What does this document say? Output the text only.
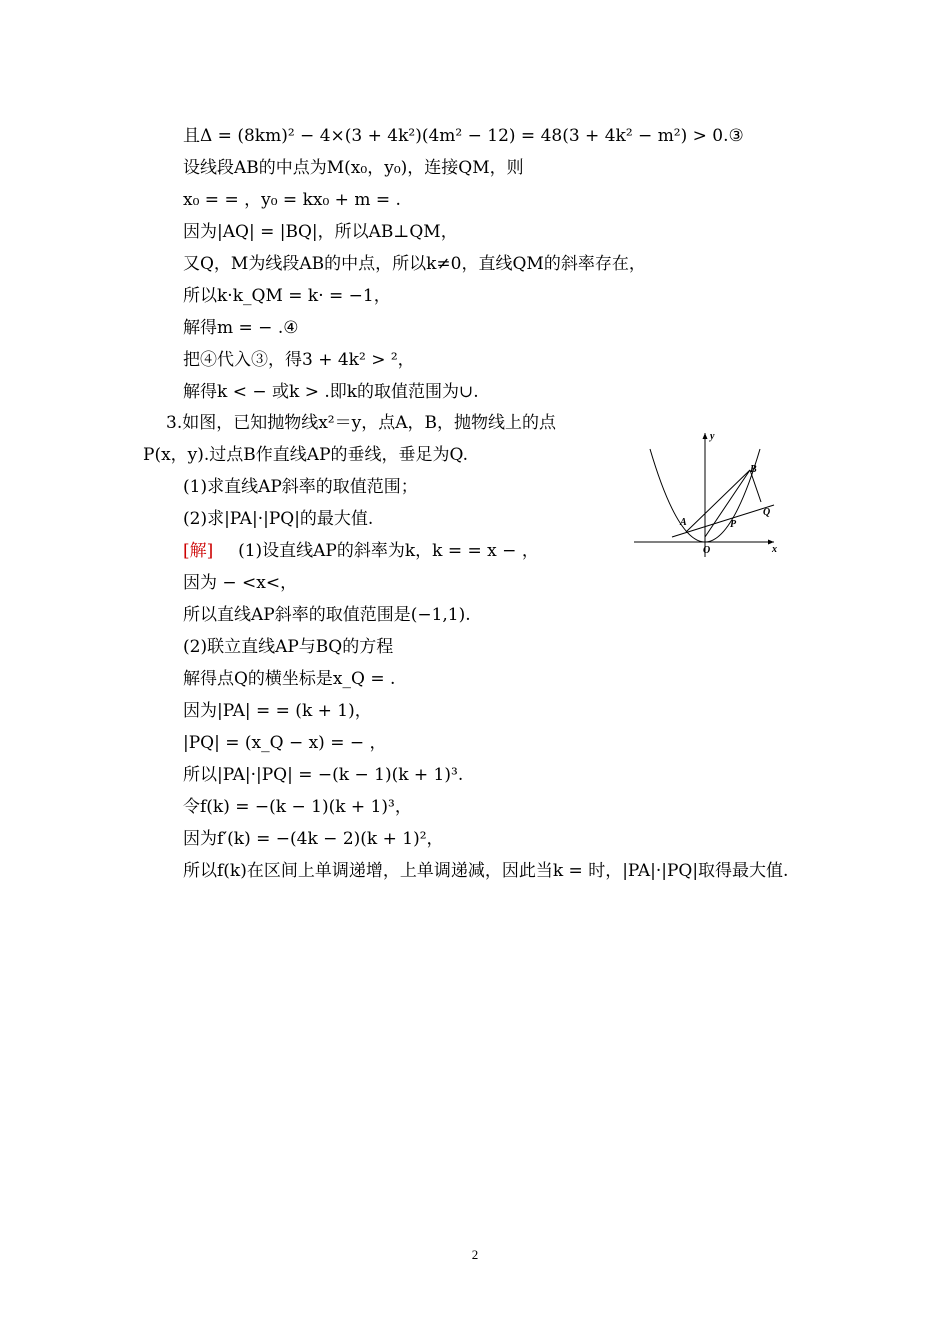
且Δ = (8km)² − 4×(3 + 4k²)(4m² − 12) = 48(3 + 4k² − m²) > 0.③
设线段AB的中点为M(x₀，y₀)，连接QM，则
x₀ = = ，y₀ = kx₀ + m = .
因为|AQ| = |BQ|，所以AB⊥QM，
又Q，M为线段AB的中点，所以k≠0，直线QM的斜率存在，
所以k·k_QM = k· = −1，
解得m = − .④
把④代入③，得3 + 4k² > ²，
解得k < − 或k > .即k的取值范围为∪.
3.如图，已知抛物线x²＝y，点A，B，抛物线上的点
P(x，y).过点B作直线AP的垂线，垂足为Q.
(1)求直线AP斜率的取值范围；
(2)求|PA|·|PQ|的最大值.
[解] (1)设直线AP的斜率为k，k = = x − ，
因为 − <x<，
所以直线AP斜率的取值范围是(−1,1).
(2)联立直线AP与BQ的方程
解得点Q的横坐标是x_Q = .
因为|PA| = = (k + 1)，
|PQ| = (x_Q − x) = − ，
所以|PA|·|PQ| = −(k − 1)(k + 1)³.
令f(k) = −(k − 1)(k + 1)³，
因为f′(k) = −(4k − 2)(k + 1)²，
所以f(k)在区间上单调递增，上单调递减，因此当k = 时，|PA|·|PQ|取得最大值.
y
x
O
A
B
P
Q
2
